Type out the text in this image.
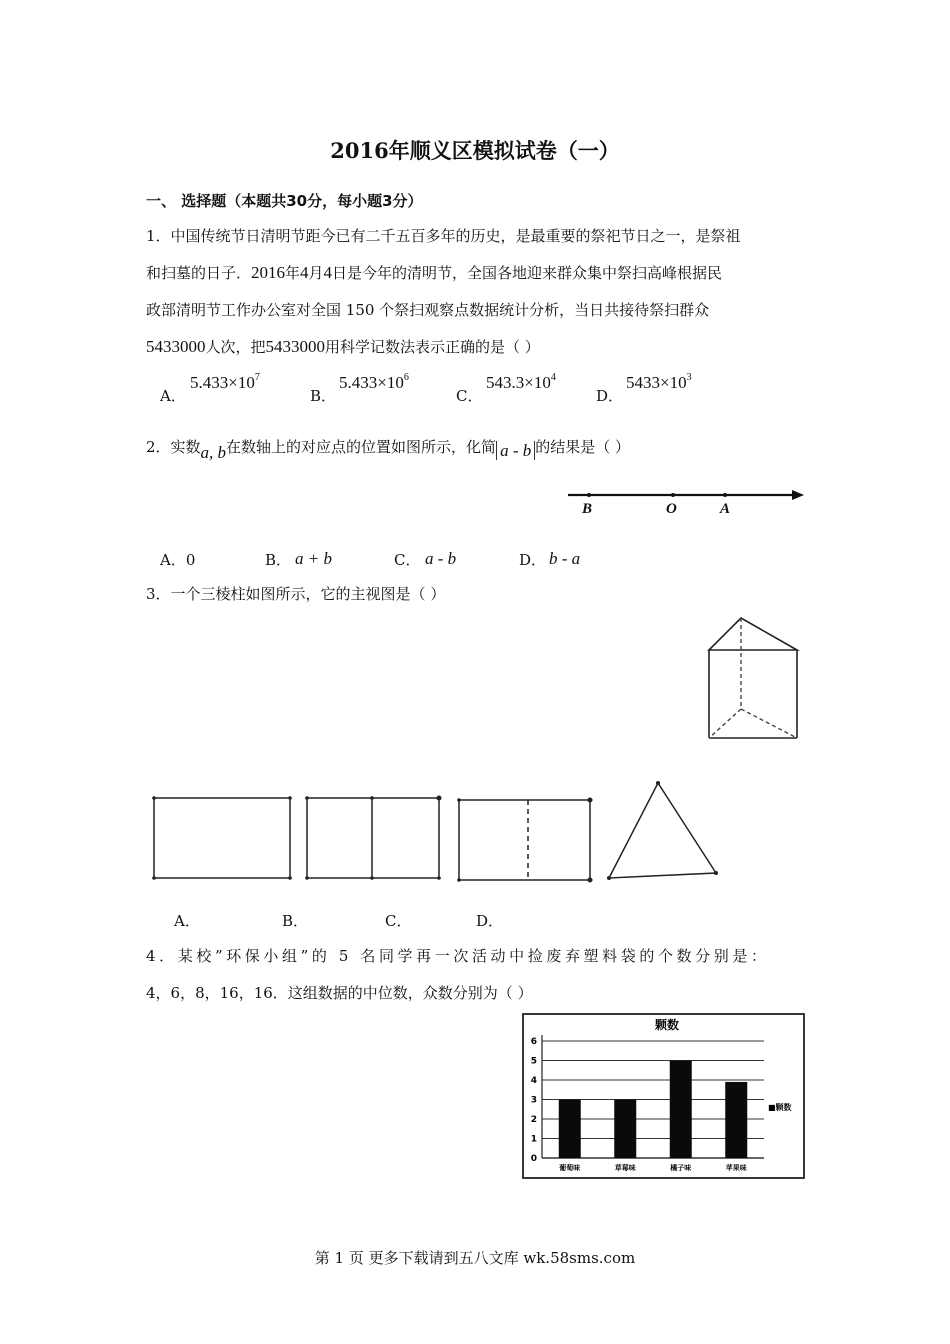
2016年顺义区模拟试卷（一）
一、 选择题（本题共30分，每小题3分）
1．中国传统节日清明节距今已有二千五百多年的历史，是最重要的祭祀节日之一，是祭祖
和扫墓的日子．2016年4月4日是今年的清明节，全国各地迎来群众集中祭扫高峰根据民
政部清明节工作办公室对全国 150 个祭扫观察点数据统计分析，当日共接待祭扫群众
5433000人次，把5433000用科学记数法表示正确的是（ ）
A．
$5.433\times 10^7$
B．
$5.433\times 10^6$
C．
$543.3\times 10^4$
D．
$5433\times 10^3$
2．实数a, b在数轴上的对应点的位置如图所示，化简 a - b 的结果是（ ）
B	O	A
A．0	B． a + b	C． a - b	D． b - a
3．一个三棱柱如图所示，它的主视图是（ ）
A．	B．	C．	D．
4．某校”环保小组”的 5 名同学再一次活动中捡废弃塑料袋的个数分别是：
4，6，8，16，16．这组数据的中位数，众数分别为（ ）
颗数
0
1
2
3
4
5
6
葡萄味	草莓味	橘子味	苹果味
■颗数
第 1 页 更多下载请到五八文库 wk.58sms.com
